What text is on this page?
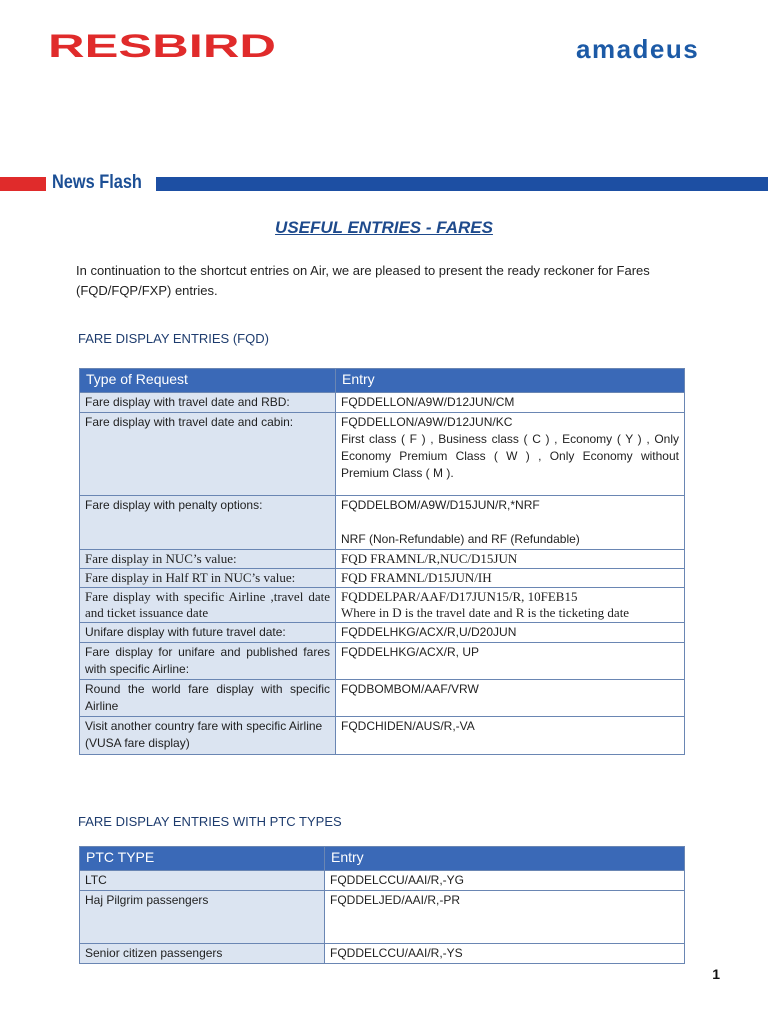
RESBIRD	amadeus
News Flash
USEFUL ENTRIES - FARES
In continuation to the shortcut entries on Air, we are pleased to present the ready reckoner for Fares (FQD/FQP/FXP) entries.
FARE DISPLAY ENTRIES (FQD)
Type of Request	Entry
Fare display with travel date and RBD:	FQDDELLON/A9W/D12JUN/CM
Fare display with travel date and cabin:	FQDDELLON/A9W/D12JUN/KC
First class ( F ) , Business class ( C ) , Economy ( Y ) , Only Economy Premium Class ( W ) , Only Economy without Premium Class ( M ).

Fare display with penalty options:	FQDDELBOM/A9W/D15JUN/R,*NRF
NRF (Non-Refundable) and RF (Refundable)

Fare display in NUC’s value:	FQD FRAMNL/R,NUC/D15JUN
Fare display in Half RT in NUC’s value:	FQD FRAMNL/D15JUN/IH
Fare display with specific Airline ,travel date and ticket issuance date	FQDDELPAR/AAF/D17JUN15/R, 10FEB15
Where in D is the travel date and R is the ticketing date

Unifare display with future travel date:	FQDDELHKG/ACX/R,U/D20JUN
Fare display for unifare and published fares with specific Airline:	FQDDELHKG/ACX/R, UP
Round the world fare display with specific Airline	FQDBOMBOM/AAF/VRW
Visit another country fare with specific Airline (VUSA fare display)	FQDCHIDEN/AUS/R,-VA
FARE DISPLAY ENTRIES WITH PTC TYPES
PTC TYPE	Entry
LTC	FQDDELCCU/AAI/R,-YG
Haj Pilgrim passengers	FQDDELJED/AAI/R,-PR
Senior citizen passengers	FQDDELCCU/AAI/R,-YS
1
